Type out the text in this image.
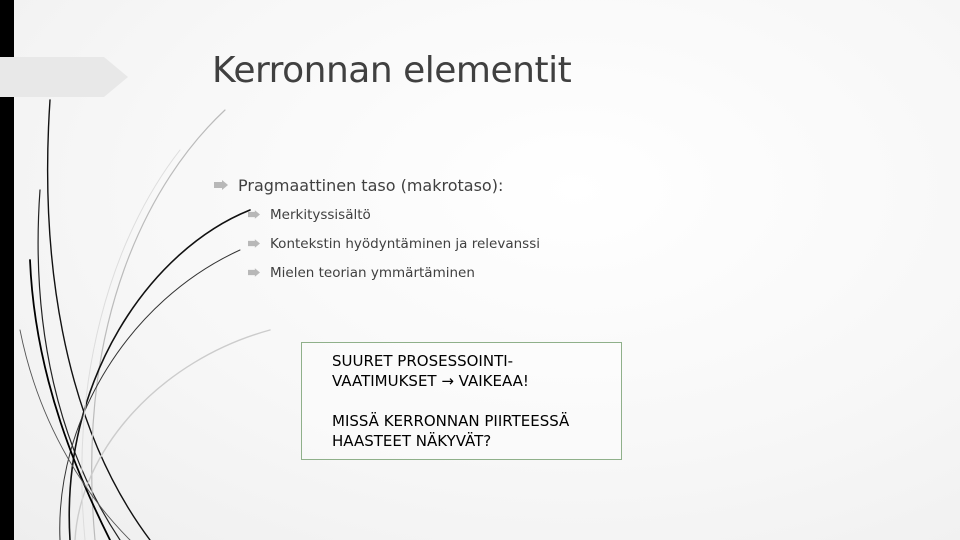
Kerronnan elementit
Pragmaattinen taso (makrotaso):
Merkityssisältö
Kontekstin hyödyntäminen ja relevanssi
Mielen teorian ymmärtäminen

SUURET PROSESSOINTI-
VAATIMUKSET → VAIKEAA!

MISSÄ KERRONNAN PIIRTEESSÄ
HAASTEET NÄKYVÄT?
